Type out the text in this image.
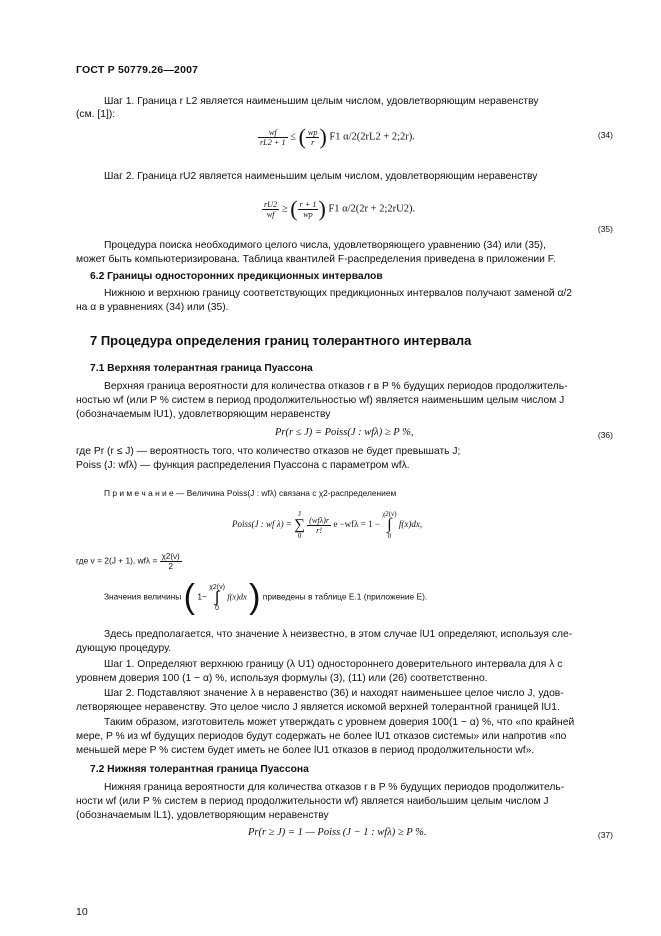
ГОСТ Р 50779.26—2007
Шаг 1. Граница r L2 является наименьшим целым числом, удовлетворяющим неравенству
(см. [1]):
$\frac{wf}{rL2 + 1}$ ≤ ( $\frac{wp}{r}$ ) F1 α/2(2rL2 + 2;2r).	(34)
Шаг 2. Граница rU2 является наименьшим целым числом, удовлетворяющим неравенству
$\frac{rU2}{wf}$ ≥ ( $\frac{r + 1}{wp}$ ) F1 α/2(2r + 2;2rU2).
(35)
Процедура поиска необходимого целого числа, удовлетворяющего уравнению (34) или (35),
может быть компьютеризирована. Таблица квантилей F-распределения приведена в приложении F.
6.2 Границы односторонних предикционных интервалов
Нижнюю и верхнюю границу соответствующих предикционных интервалов получают заменой α/2
на α в уравнениях (34) или (35).
7 Процедура определения границ толерантного интервала
7.1 Верхняя толерантная граница Пуассона
Верхняя граница вероятности для количества отказов r в P % будущих периодов продолжитель-
ностью wf (или P % систем в период продолжительностью wf) является наименьшим целым числом J
(обозначаемым lU1), удовлетворяющим неравенству
Pr(r ≤ J) = Poiss(J : wfλ) ≥ P %,	(36)
где Pr (r ≤ J) — вероятность того, что количество отказов не будет превышать J;
Poiss (J: wfλ) — функция распределения Пуассона с параметром wfλ.
П р и м е ч а н и е — Величина Poiss(J : wfλ) связана с χ2-распределением
Poiss(J : wf λ) =
J
∑
0

$\frac{\text{(wfλ)r}}{r!}$ e −wfλ = 1 −
χ2(ν)
∫
0
f(x)dx,
где ν = 2(J + 1), $wf\lambda = \frac{\chi 2(\nu)}{2}$
Значения величины ( 1−
χ2(ν)
∫
0
f(x)dx ) приведены в таблице Е.1 (приложение Е).
Здесь предполагается, что значение λ неизвестно, в этом случае lU1 определяют, используя сле-
дующую процедуру.
Шаг 1. Определяют верхнюю границу (λ U1) одностороннего доверительного интервала для λ с
уровнем доверия 100 (1 − α) %, используя формулы (3), (11) или (26) соответственно.
Шаг 2. Подставляют значение λ в неравенство (36) и находят наименьшее целое число J, удов-
летворяющее неравенству. Это целое число J является искомой верхней толерантной границей lU1.
Таким образом, изготовитель может утверждать с уровнем доверия 100(1 − α) %, что «по крайней
мере, P % из wf будущих периодов будут содержать не более lU1 отказов системы» или напротив «по
меньшей мере P % систем будет иметь не более lU1 отказов в период продолжительности wf».
7.2 Нижняя толерантная граница Пуассона
Нижняя граница вероятности для количества отказов r в P % будущих периодов продолжитель-
ности wf (или P % систем в период продолжительности wf) является наибольшим целым числом J
(обозначаемым lL1), удовлетворяющим неравенству
Pr(r ≥ J) = 1 — Poiss (J − 1 : wfλ) ≥ P %.	(37)
10
